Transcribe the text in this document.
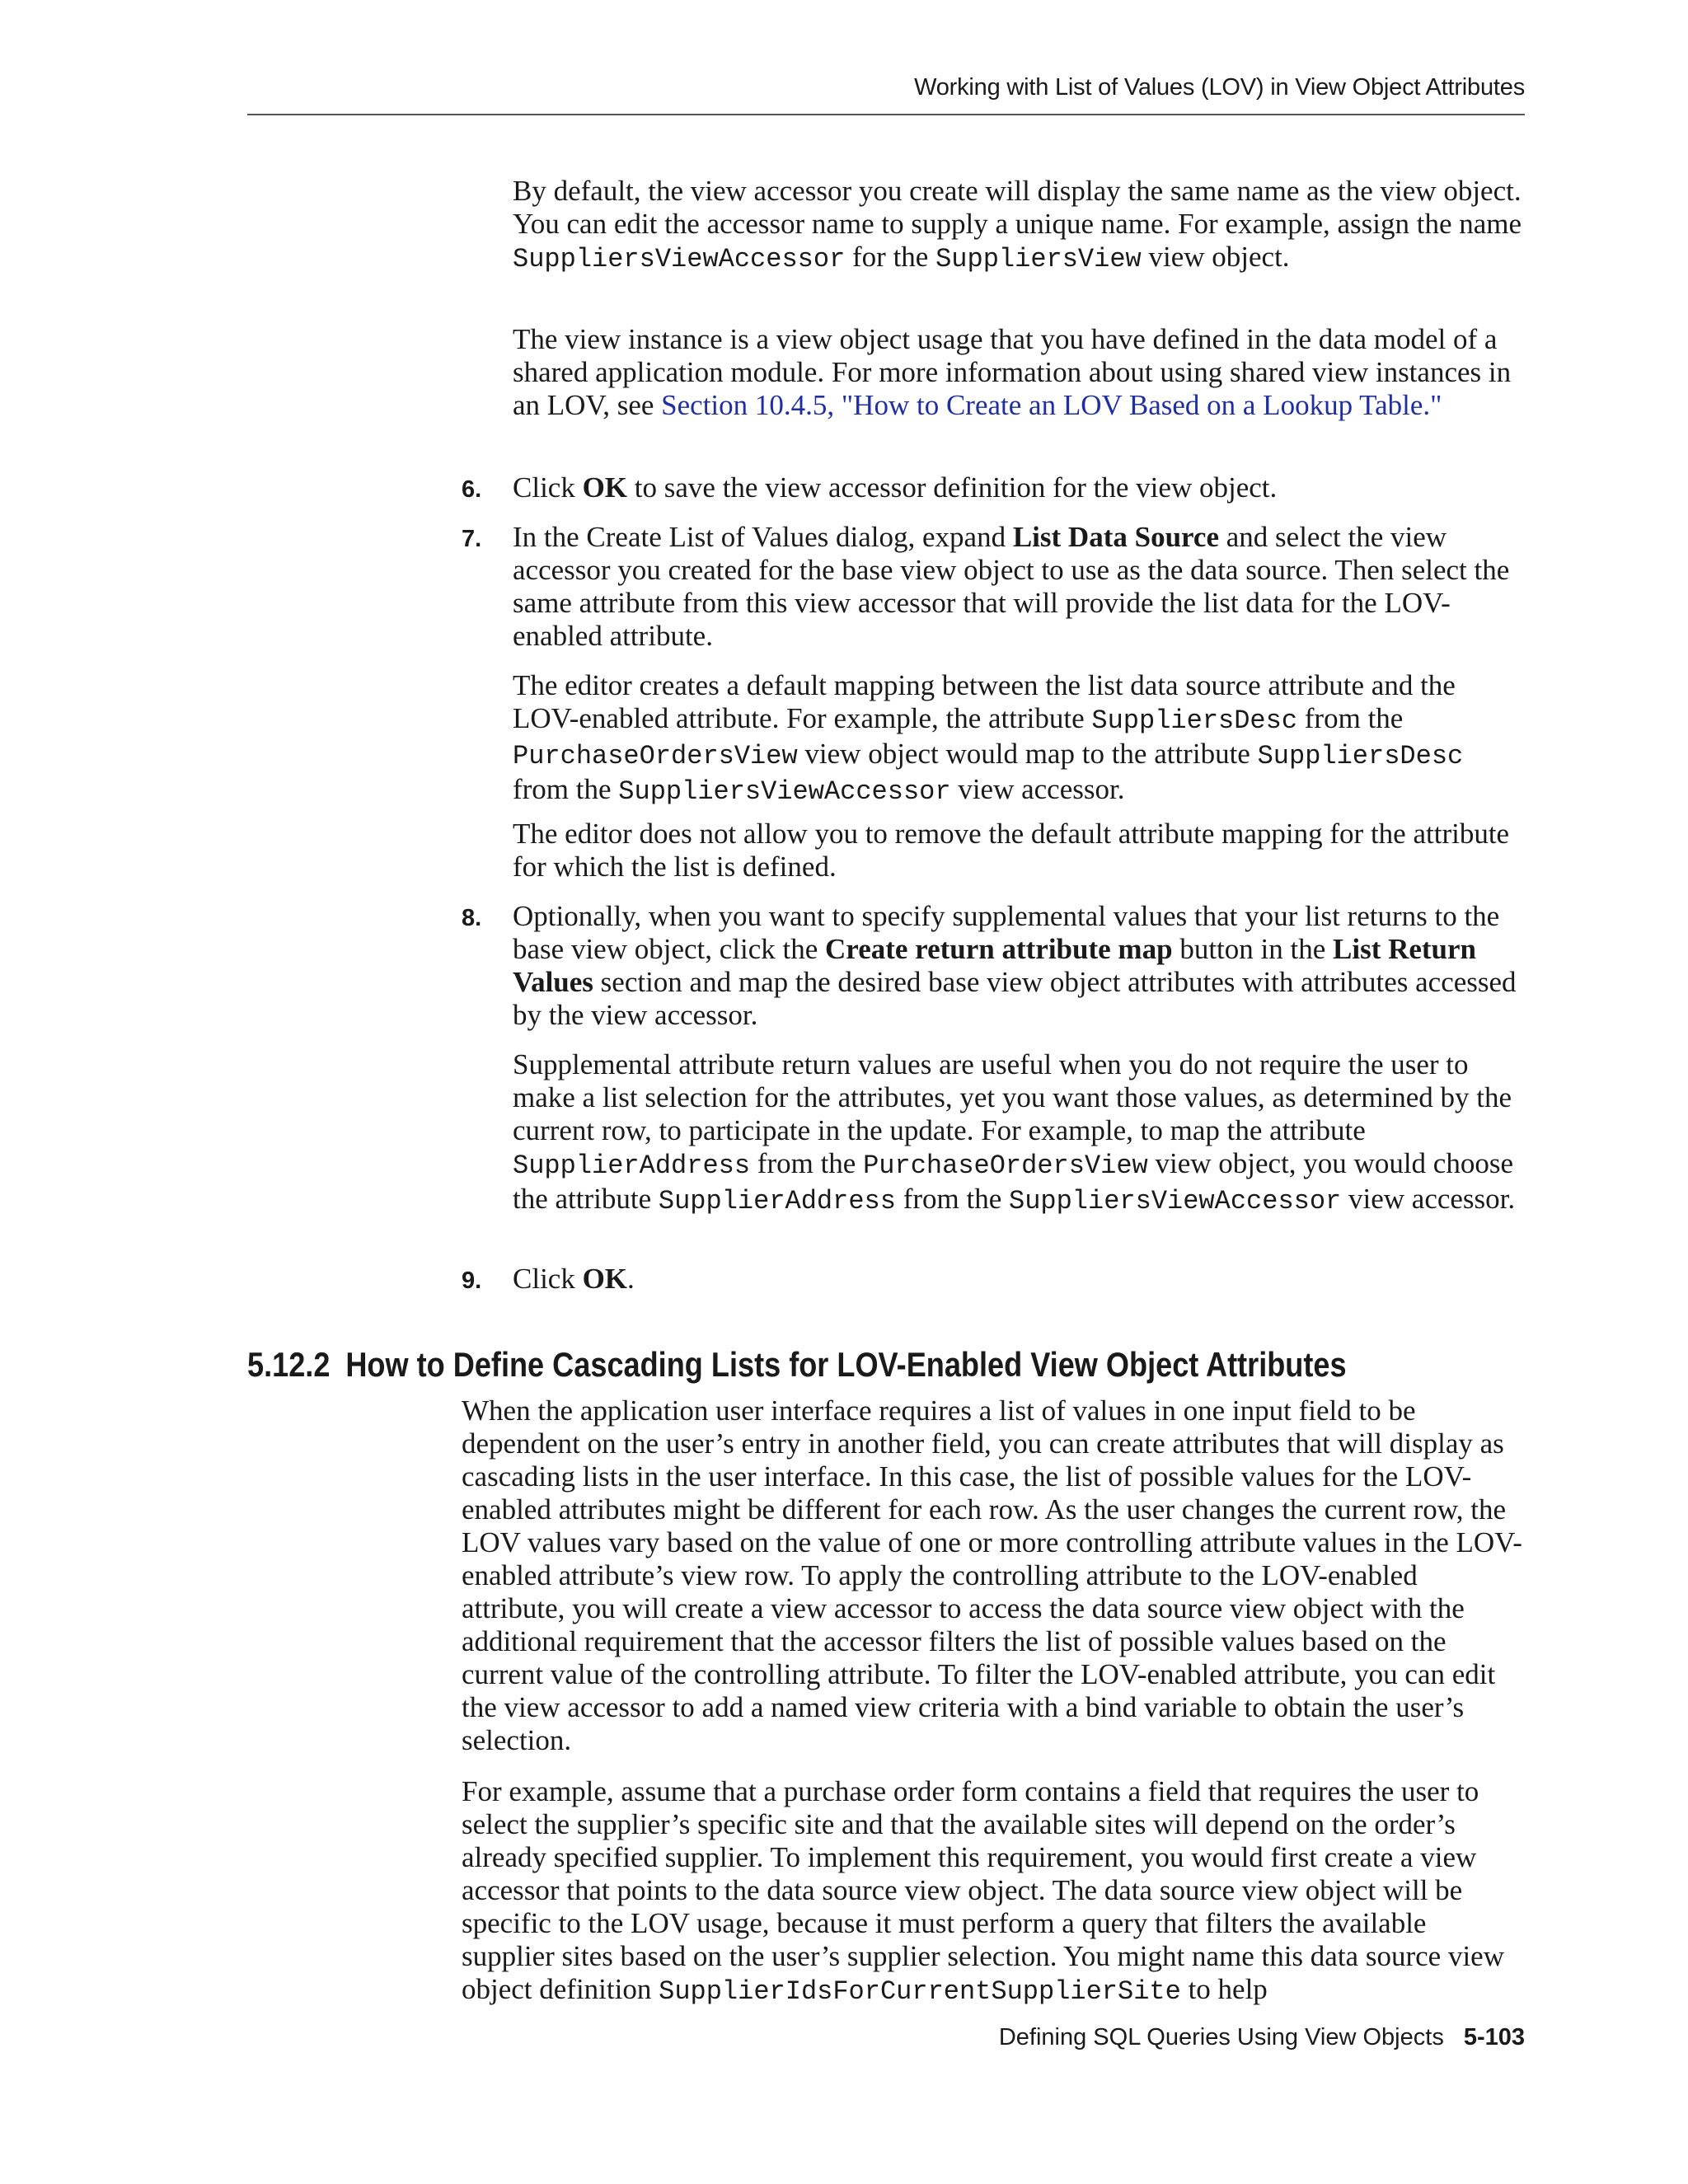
Working with List of Values (LOV) in View Object Attributes

By default, the view accessor you create will display the same name as the view object. You can edit the accessor name to supply a unique name. For example, assign the name SuppliersViewAccessor for the SuppliersView view object.

The view instance is a view object usage that you have defined in the data model of a shared application module. For more information about using shared view instances in an LOV, see Section 10.4.5, "How to Create an LOV Based on a Lookup Table."

6.	Click OK to save the view accessor definition for the view object.

7.	In the Create List of Values dialog, expand List Data Source and select the view accessor you created for the base view object to use as the data source. Then select the same attribute from this view accessor that will provide the list data for the LOV-enabled attribute.

The editor creates a default mapping between the list data source attribute and the LOV-enabled attribute. For example, the attribute SuppliersDesc from the PurchaseOrdersView view object would map to the attribute SuppliersDesc from the SuppliersViewAccessor view accessor.

The editor does not allow you to remove the default attribute mapping for the attribute for which the list is defined.

8.	Optionally, when you want to specify supplemental values that your list returns to the base view object, click the Create return attribute map button in the List Return Values section and map the desired base view object attributes with attributes accessed by the view accessor.

Supplemental attribute return values are useful when you do not require the user to make a list selection for the attributes, yet you want those values, as determined by the current row, to participate in the update. For example, to map the attribute SupplierAddress from the PurchaseOrdersView view object, you would choose the attribute SupplierAddress from the SuppliersViewAccessor view accessor.

9.	Click OK.

5.12.2 How to Define Cascading Lists for LOV-Enabled View Object Attributes

When the application user interface requires a list of values in one input field to be dependent on the user’s entry in another field, you can create attributes that will display as cascading lists in the user interface. In this case, the list of possible values for the LOV-enabled attributes might be different for each row. As the user changes the current row, the LOV values vary based on the value of one or more controlling attribute values in the LOV-enabled attribute’s view row. To apply the controlling attribute to the LOV-enabled attribute, you will create a view accessor to access the data source view object with the additional requirement that the accessor filters the list of possible values based on the current value of the controlling attribute. To filter the LOV-enabled attribute, you can edit the view accessor to add a named view criteria with a bind variable to obtain the user’s selection.

For example, assume that a purchase order form contains a field that requires the user to select the supplier’s specific site and that the available sites will depend on the order’s already specified supplier. To implement this requirement, you would first create a view accessor that points to the data source view object. The data source view object will be specific to the LOV usage, because it must perform a query that filters the available supplier sites based on the user’s supplier selection. You might name this data source view object definition SupplierIdsForCurrentSupplierSite to help

Defining SQL Queries Using View Objects 5-103
